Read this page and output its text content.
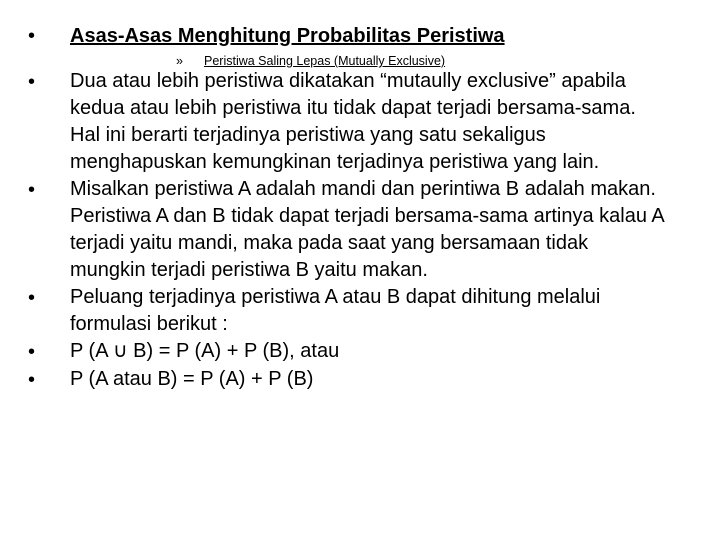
•	Asas-Asas Menghitung Probabilitas Peristiwa
»	Peristiwa Saling Lepas (Mutually Exclusive)
•	Dua atau lebih peristiwa dikatakan “mutaully exclusive” apabila kedua atau lebih peristiwa itu tidak dapat terjadi bersama-sama. Hal ini berarti terjadinya peristiwa yang satu sekaligus menghapuskan kemungkinan terjadinya peristiwa yang lain.
•	Misalkan peristiwa A adalah mandi dan perintiwa B adalah makan. Peristiwa A dan B tidak dapat terjadi bersama-sama artinya kalau A terjadi yaitu mandi, maka pada saat yang bersamaan tidak mungkin terjadi peristiwa B yaitu makan.
•	Peluang terjadinya peristiwa A atau B dapat dihitung melalui formulasi berikut :
•	P (A ∪ B) = P (A) + P (B), atau
•	P (A atau B) = P (A) + P (B)
